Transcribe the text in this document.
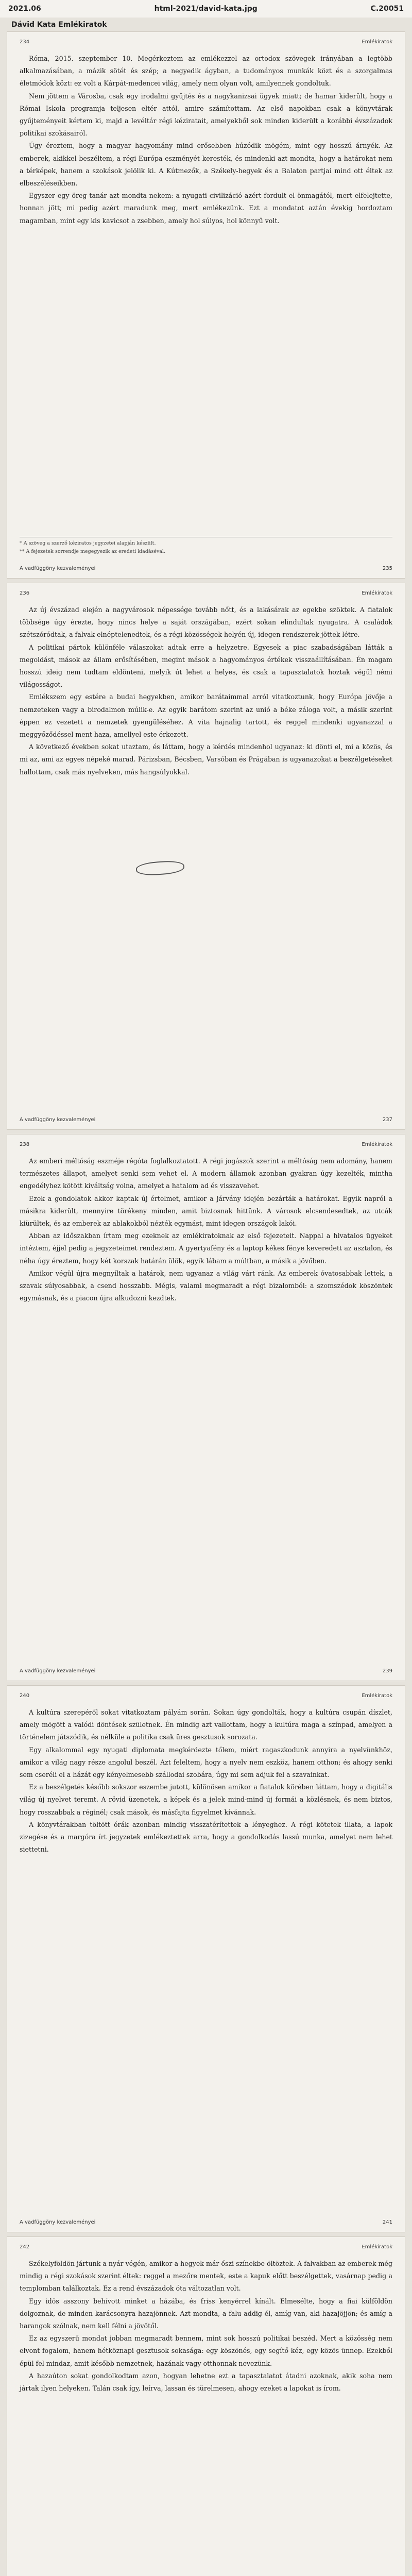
2021.06	html-2021/david-kata.jpg	C.20051
Dávid Kata Emlékiratok
234	Emlékiratok

Róma, 2015. szeptember 10. Megérkeztem az emlékezzel az ortodox szövegek irányában a legtöbb alkalmazásában, a mázik sötét és szép; a negyedik ágyban, a tudományos munkák közt és a szorgalmas életmódok közt: ez volt a Kárpát-medencei világ, amely nem olyan volt, amilyennek gondoltuk.

Nem jöttem a Városba, csak egy irodalmi gyűjtés és a nagykanizsai ügyek miatt; de hamar kiderült, hogy a Római Iskola programja teljesen eltér attól, amire számítottam. Az első napokban csak a könyvtárak gyűjteményeit kértem ki, majd a levéltár régi kéziratait, amelyekből sok minden kiderült a korábbi évszázadok politikai szokásairól.

Úgy éreztem, hogy a magyar hagyomány mind erősebben húzódik mögém, mint egy hosszú árnyék. Az emberek, akikkel beszéltem, a régi Európa eszményét keresték, és mindenki azt mondta, hogy a határokat nem a térképek, hanem a szokások jelölik ki. A Kútmezők, a Székely-hegyek és a Balaton partjai mind ott éltek az elbeszéléseikben.

Egyszer egy öreg tanár azt mondta nekem: a nyugati civilizáció azért fordult el önmagától, mert elfelejtette, honnan jött; mi pedig azért maradunk meg, mert emlékezünk. Ezt a mondatot aztán évekig hordoztam magamban, mint egy kis kavicsot a zsebben, amely hol súlyos, hol könnyű volt.

* A szöveg a szerző kéziratos jegyzetei alapján készült.
** A fejezetek sorrendje megegyezik az eredeti kiadáséval.
A vadfüggöny kezvaleményei	235
236	Emlékiratok

Az új évszázad elején a nagyvárosok népessége tovább nőtt, és a lakásárak az egekbe szöktek. A fiatalok többsége úgy érezte, hogy nincs helye a saját országában, ezért sokan elindultak nyugatra. A családok szétszóródtak, a falvak elnéptelenedtek, és a régi közösségek helyén új, idegen rendszerek jöttek létre.

A politikai pártok különféle válaszokat adtak erre a helyzetre. Egyesek a piac szabadságában látták a megoldást, mások az állam erősítésében, megint mások a hagyományos értékek visszaállításában. Én magam hosszú ideig nem tudtam eldönteni, melyik út lehet a helyes, és csak a tapasztalatok hoztak végül némi világosságot.

Emlékszem egy estére a budai hegyekben, amikor barátaimmal arról vitatkoztunk, hogy Európa jövője a nemzeteken vagy a birodalmon múlik-e. Az egyik barátom szerint az unió a béke záloga volt, a másik szerint éppen ez vezetett a nemzetek gyengüléséhez. A vita hajnalig tartott, és reggel mindenki ugyanazzal a meggyőződéssel ment haza, amellyel este érkezett.

A következő években sokat utaztam, és láttam, hogy a kérdés mindenhol ugyanaz: ki dönti el, mi a közös, és mi az, ami az egyes népeké marad. Párizsban, Bécsben, Varsóban és Prágában is ugyanazokat a beszélgetéseket hallottam, csak más nyelveken, más hangsúlyokkal.

A vadfüggöny kezvaleményei	237
238	Emlékiratok

Az emberi méltóság eszméje régóta foglalkoztatott. A régi jogászok szerint a méltóság nem adomány, hanem természetes állapot, amelyet senki sem vehet el. A modern államok azonban gyakran úgy kezelték, mintha engedélyhez kötött kiváltság volna, amelyet a hatalom ad és visszavehet.

Ezek a gondolatok akkor kaptak új értelmet, amikor a járvány idején bezárták a határokat. Egyik napról a másikra kiderült, mennyire törékeny minden, amit biztosnak hittünk. A városok elcsendesedtek, az utcák kiürültek, és az emberek az ablakokból nézték egymást, mint idegen országok lakói.

Abban az időszakban írtam meg ezeknek az emlékiratoknak az első fejezeteit. Nappal a hivatalos ügyeket intéztem, éjjel pedig a jegyzeteimet rendeztem. A gyertyafény és a laptop kékes fénye keveredett az asztalon, és néha úgy éreztem, hogy két korszak határán ülök, egyik lábam a múltban, a másik a jövőben.

Amikor végül újra megnyíltak a határok, nem ugyanaz a világ várt ránk. Az emberek óvatosabbak lettek, a szavak súlyosabbak, a csend hosszabb. Mégis, valami megmaradt a régi bizalomból: a szomszédok köszöntek egymásnak, és a piacon újra alkudozni kezdtek.

A vadfüggöny kezvaleményei	239
240	Emlékiratok

A kultúra szerepéről sokat vitatkoztam pályám során. Sokan úgy gondolták, hogy a kultúra csupán díszlet, amely mögött a valódi döntések születnek. Én mindig azt vallottam, hogy a kultúra maga a színpad, amelyen a történelem játszódik, és nélküle a politika csak üres gesztusok sorozata.

Egy alkalommal egy nyugati diplomata megkérdezte tőlem, miért ragaszkodunk annyira a nyelvünkhöz, amikor a világ nagy része angolul beszél. Azt feleltem, hogy a nyelv nem eszköz, hanem otthon; és ahogy senki sem cseréli el a házát egy kényelmesebb szállodai szobára, úgy mi sem adjuk fel a szavainkat.

Ez a beszélgetés később sokszor eszembe jutott, különösen amikor a fiatalok körében láttam, hogy a digitális világ új nyelvet teremt. A rövid üzenetek, a képek és a jelek mind-mind új formái a közlésnek, és nem biztos, hogy rosszabbak a réginél; csak mások, és másfajta figyelmet kívánnak.

A könyvtárakban töltött órák azonban mindig visszatérítettek a lényeghez. A régi kötetek illata, a lapok zizegése és a margóra írt jegyzetek emlékeztettek arra, hogy a gondolkodás lassú munka, amelyet nem lehet siettetni.

A vadfüggöny kezvaleményei	241
242	Emlékiratok

Székelyföldön jártunk a nyár végén, amikor a hegyek már őszi színekbe öltöztek. A falvakban az emberek még mindig a régi szokások szerint éltek: reggel a mezőre mentek, este a kapuk előtt beszélgettek, vasárnap pedig a templomban találkoztak. Ez a rend évszázadok óta változatlan volt.

Egy idős asszony behívott minket a házába, és friss kenyérrel kínált. Elmesélte, hogy a fiai külföldön dolgoznak, de minden karácsonyra hazajönnek. Azt mondta, a falu addig él, amíg van, aki hazajöjjön; és amíg a harangok szólnak, nem kell félni a jövőtől.

Ez az egyszerű mondat jobban megmaradt bennem, mint sok hosszú politikai beszéd. Mert a közösség nem elvont fogalom, hanem hétköznapi gesztusok sokasága: egy köszönés, egy segítő kéz, egy közös ünnep. Ezekből épül fel mindaz, amit később nemzetnek, hazának vagy otthonnak nevezünk.

A hazaúton sokat gondolkodtam azon, hogyan lehetne ezt a tapasztalatot átadni azoknak, akik soha nem jártak ilyen helyeken. Talán csak így, leírva, lassan és türelmesen, ahogy ezeket a lapokat is írom.
